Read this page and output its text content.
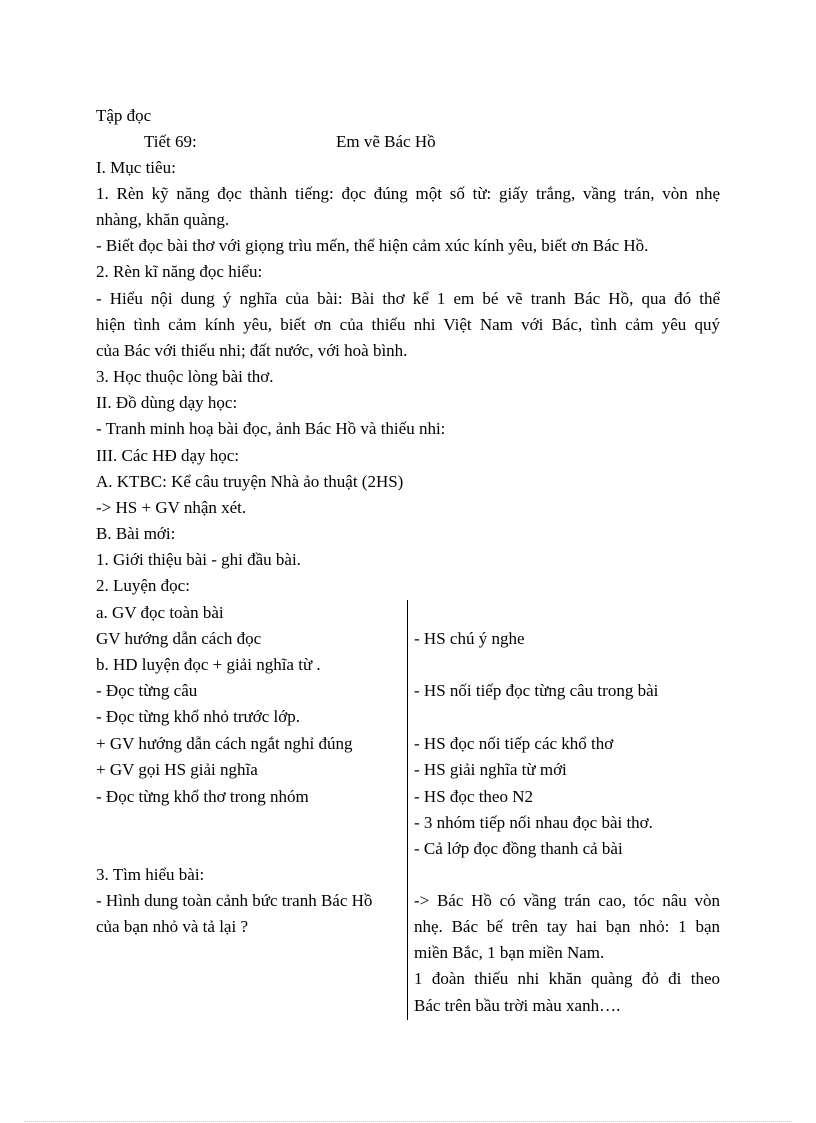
Tập đọc
Tiết 69:	Em vẽ Bác Hồ
I. Mục tiêu:
1. Rèn kỹ năng đọc thành tiếng: đọc đúng một số từ: giấy trắng, vầng trán, vòn nhẹ
nhàng, khăn quàng.
- Biết đọc bài thơ với giọng trìu mến, thể hiện cảm xúc kính yêu, biết ơn Bác Hồ.
2. Rèn kĩ năng đọc hiểu:
- Hiểu nội dung ý nghĩa của bài: Bài thơ kể 1 em bé vẽ tranh Bác Hồ, qua đó thể
hiện tình cảm kính yêu, biết ơn của thiếu nhi Việt Nam với Bác, tình cảm yêu quý
của Bác với thiếu nhi; đất nước, với hoà bình.
3. Học thuộc lòng bài thơ.
II. Đồ dùng dạy học:
- Tranh minh hoạ bài đọc, ảnh Bác Hồ và thiếu nhi:
III. Các HĐ dạy học:
A. KTBC: Kể câu truyện Nhà ảo thuật (2HS)
-> HS + GV nhận xét.
B. Bài mới:
1. Giới thiệu bài - ghi đầu bài.
2. Luyện đọc:
a. GV đọc toàn bài
GV hướng dẫn cách đọc
b. HD luyện đọc + giải nghĩa từ .
- Đọc từng câu
- Đọc từng khổ nhỏ trước lớp.
+ GV hướng dẫn cách ngắt nghỉ đúng
+ GV gọi HS giải nghĩa
- Đọc từng khổ thơ trong nhóm
3. Tìm hiểu bài:
- Hình dung toàn cảnh bức tranh Bác Hồ
của bạn nhỏ và tả lại ?
- HS chú ý nghe
- HS nối tiếp đọc từng câu trong bài
- HS đọc nối tiếp các khổ thơ
- HS giải nghĩa từ mới
- HS đọc theo N2
- 3 nhóm tiếp nối nhau đọc bài thơ.
- Cả lớp đọc đồng thanh cả bài
-> Bác Hồ có vầng trán cao, tóc nâu vòn
nhẹ. Bác bế trên tay hai bạn nhỏ: 1 bạn
miền Bắc, 1 bạn miền Nam.
1 đoàn thiếu nhi khăn quàng đỏ đi theo
Bác trên bầu trời màu xanh….
